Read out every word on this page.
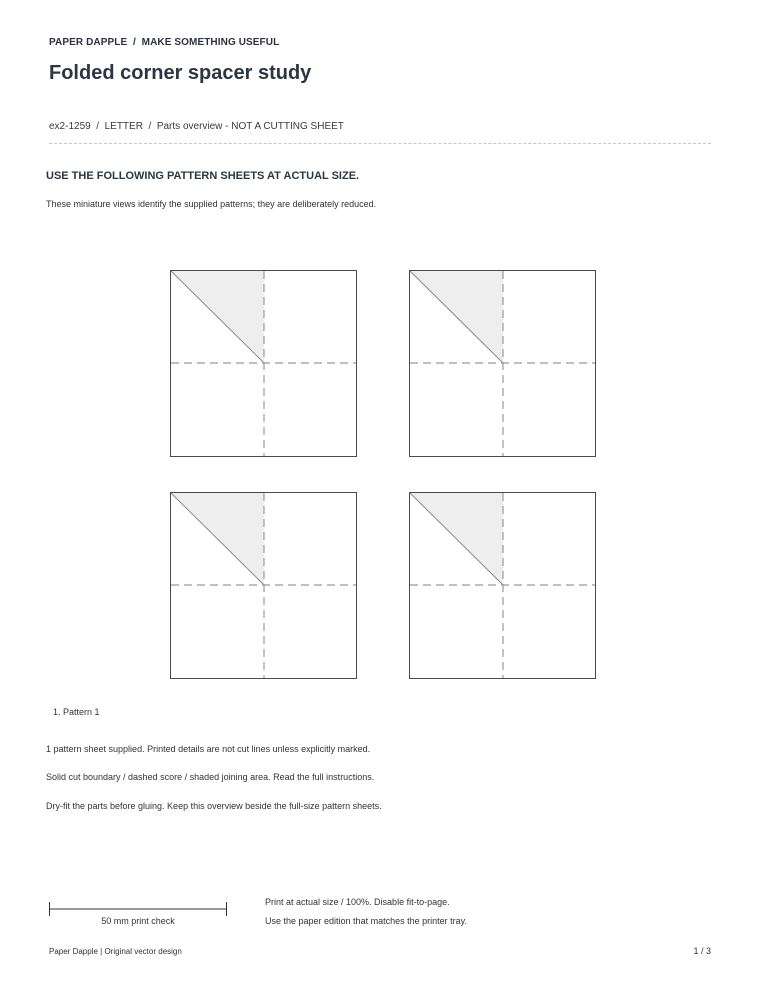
PAPER DAPPLE  /  MAKE SOMETHING USEFUL
Folded corner spacer study
ex2-1259  /  LETTER  /  Parts overview - NOT A CUTTING SHEET
USE THE FOLLOWING PATTERN SHEETS AT ACTUAL SIZE.
These miniature views identify the supplied patterns; they are deliberately reduced.
1. Pattern 1
1 pattern sheet supplied. Printed details are not cut lines unless explicitly marked.
Solid cut boundary / dashed score / shaded joining area. Read the full instructions.
Dry-fit the parts before gluing. Keep this overview beside the full-size pattern sheets.
50 mm print check
Print at actual size / 100%. Disable fit-to-page.
Use the paper edition that matches the printer tray.
Paper Dapple | Original vector design	1 / 3
